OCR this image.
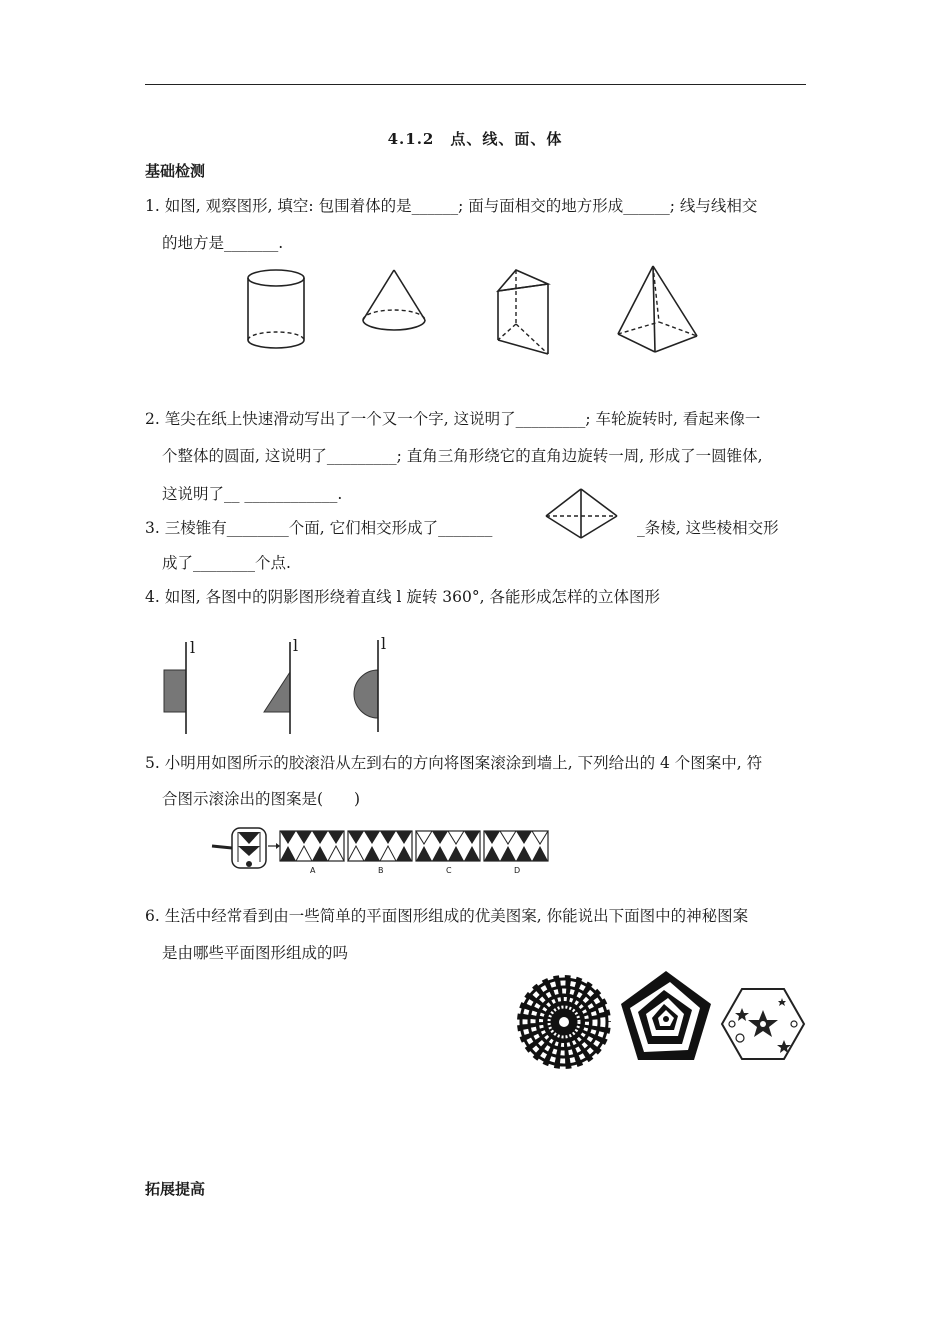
4.1.2　点、线、面、体
基础检测
1. 如图, 观察图形, 填空: 包围着体的是______; 面与面相交的地方形成______; 线与线相交
的地方是_______.
2. 笔尖在纸上快速滑动写出了一个又一个字, 这说明了_________; 车轮旋转时, 看起来像一
个整体的圆面, 这说明了_________; 直角三角形绕它的直角边旋转一周, 形成了一圆锥体,
这说明了__ ____________.
3. 三棱锥有________个面, 它们相交形成了_______	_条棱, 这些棱相交形
成了________个点.
4. 如图, 各图中的阴影图形绕着直线 l 旋转 360°, 各能形成怎样的立体图形
l	l	l
5. 小明用如图所示的胶滚沿从左到右的方向将图案滚涂到墙上, 下列给出的 4 个图案中, 符
合图示滚涂出的图案是(　　)
A	B	C	D
6. 生活中经常看到由一些简单的平面图形组成的优美图案, 你能说出下面图中的神秘图案
是由哪些平面图形组成的吗
拓展提高
